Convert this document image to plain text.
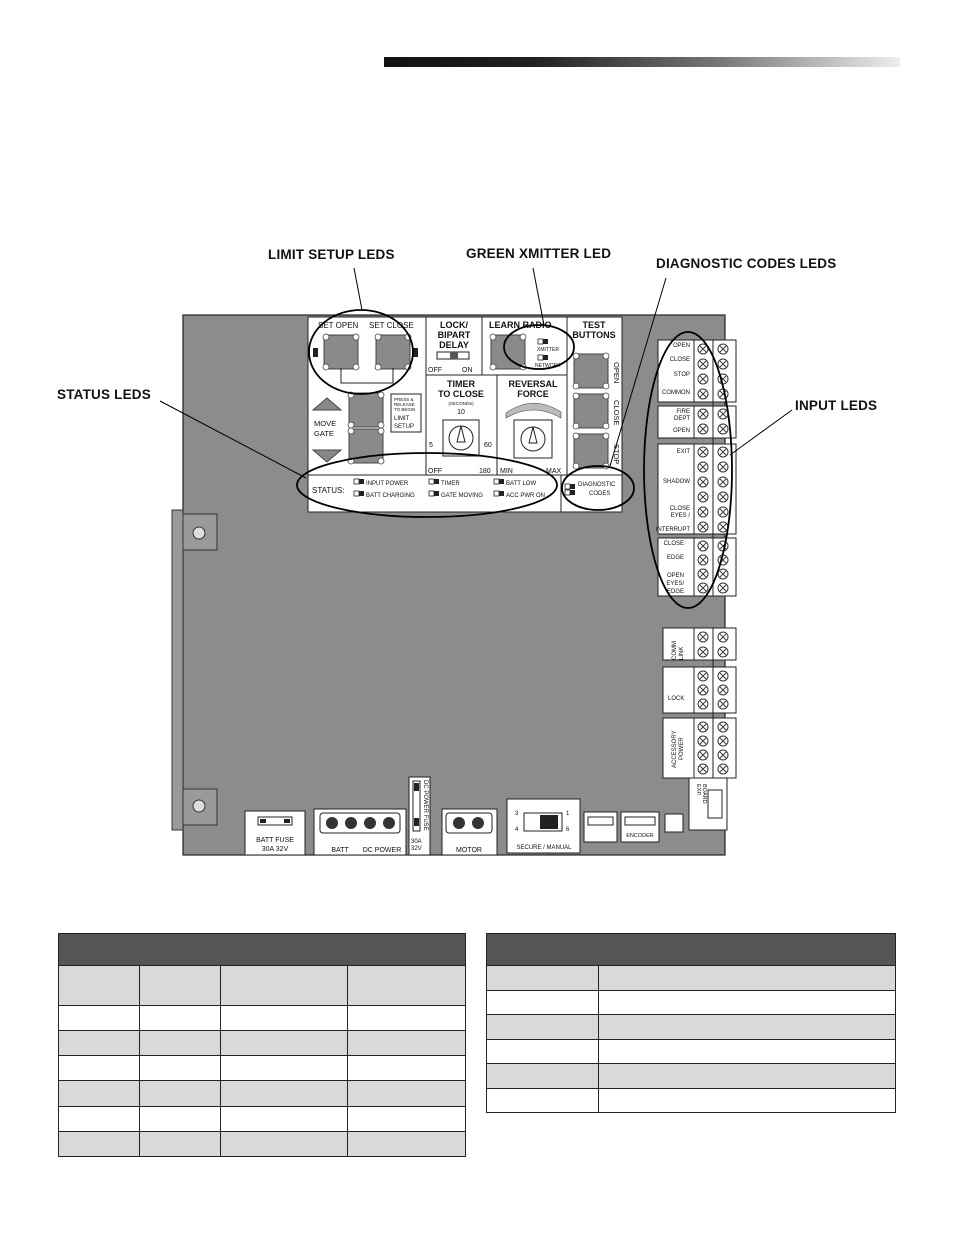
LIMIT SETUP LEDS	GREEN XMITTER LED
DIAGNOSTIC CODES LEDS
STATUS LEDS
INPUT LEDS
SET OPEN SET CLOSE
MOVE
GATE
PRESS &
RELEASE
TO BEGIN
LIMIT
SETUP
LOCK/
BIPART
DELAY
OFF	ON
LEARN RADIO
XMITTER
NETWORK
TEST
BUTTONS
OPEN
CLOSE
STOP
TIMER
TO CLOSE
(SECONDS)
10
5	60
OFF	180
REVERSAL
FORCE
MIN	MAX
STATUS:
INPUT POWER	TIMER	BATT LOW
BATT CHARGING	GATE MOVING	ACC PWR ON
DIAGNOSTIC
CODES
OPEN
CLOSE
STOP
COMMON
FIRE
DEPT
OPEN
EXIT
SHADOW
CLOSE
EYES /
INTERRUPT
CLOSE
EDGE
OPEN
EYES/
EDGE
COMM LINK
LOCK
ACCESSORY POWER
BATT FUSE
30A 32V	BATT DC POWER
DC POWER FUSE
30A
32V	MOTOR
3	1
4	6
SECURE / MANUAL
ENCODER
EXP. BOARD
